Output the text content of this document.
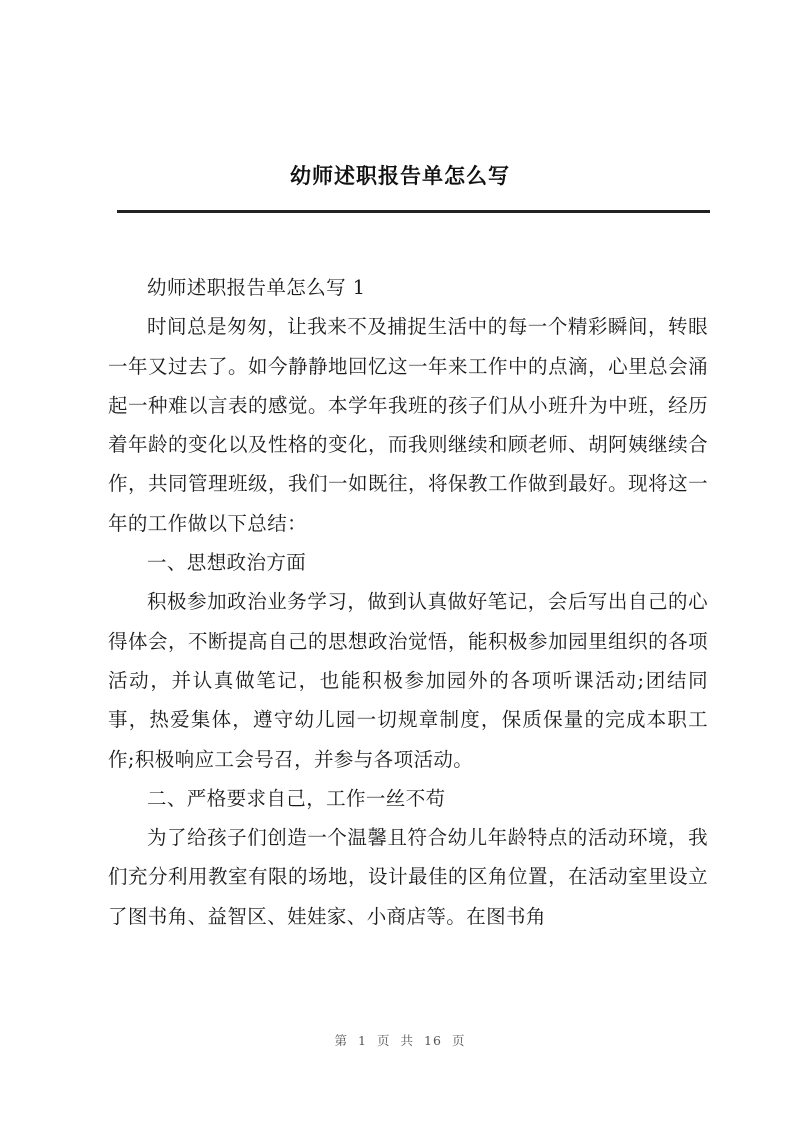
幼师述职报告单怎么写

幼师述职报告单怎么写 1

时间总是匆匆，让我来不及捕捉生活中的每一个精彩瞬间，转眼一年又过去了。如今静静地回忆这一年来工作中的点滴，心里总会涌起一种难以言表的感觉。本学年我班的孩子们从小班升为中班，经历着年龄的变化以及性格的变化，而我则继续和顾老师、胡阿姨继续合作，共同管理班级，我们一如既往，将保教工作做到最好。现将这一年的工作做以下总结：

一、思想政治方面

积极参加政治业务学习，做到认真做好笔记，会后写出自己的心得体会，不断提高自己的思想政治觉悟，能积极参加园里组织的各项活动，并认真做笔记，也能积极参加园外的各项听课活动;团结同事，热爱集体，遵守幼儿园一切规章制度，保质保量的完成本职工作;积极响应工会号召，并参与各项活动。

二、严格要求自己，工作一丝不苟

为了给孩子们创造一个温馨且符合幼儿年龄特点的活动环境，我们充分利用教室有限的场地，设计最佳的区角位置，在活动室里设立了图书角、益智区、娃娃家、小商店等。在图书角

第 1 页 共 16 页
